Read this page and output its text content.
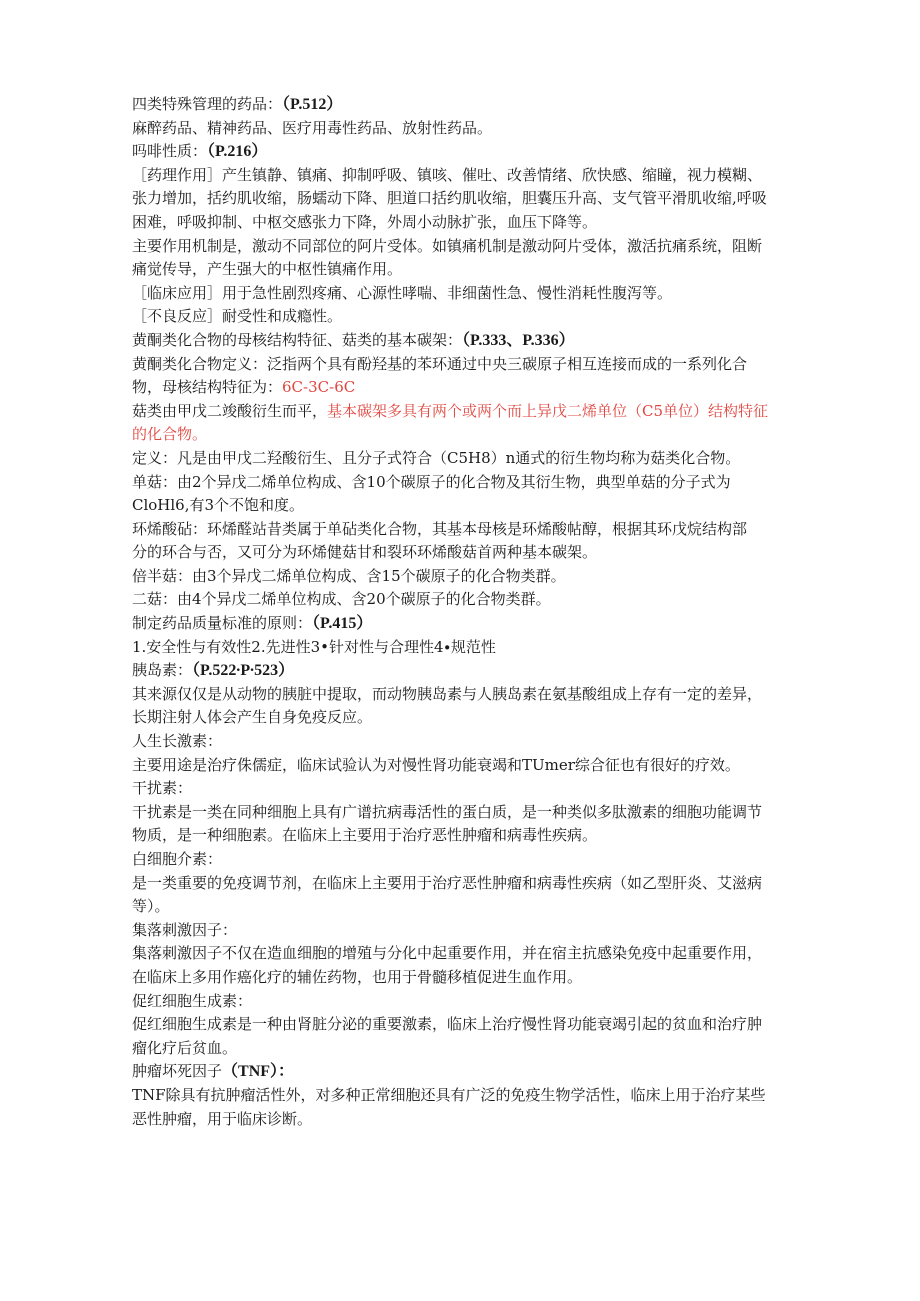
四类特殊管理的药品：（P.512）
麻醉药品、精神药品、医疗用毒性药品、放射性药品。
吗啡性质：（P.216）
［药理作用］产生镇静、镇痛、抑制呼吸、镇咳、催吐、改善情绪、欣快感、缩瞳，视力模糊、
张力增加，括约肌收缩，肠蠕动下降、胆道口括约肌收缩，胆囊压升高、支气管平滑肌收缩,呼吸
困难，呼吸抑制、中枢交感张力下降，外周小动脉扩张，血压下降等。
主要作用机制是，激动不同部位的阿片受体。如镇痛机制是激动阿片受体，激活抗痛系统，阻断
痛觉传导，产生强大的中枢性镇痛作用。
［临床应用］用于急性剧烈疼痛、心源性哮喘、非细菌性急、慢性消耗性腹泻等。
［不良反应］耐受性和成瘾性。
黄酮类化合物的母核结构特征、菇类的基本碳架：（P.333、P.336）
黄酮类化合物定义：泛指两个具有酚羟基的苯环通过中央三碳原子相互连接而成的一系列化合
物，母核结构特征为：6C-3C-6C
菇类由甲戊二竣酸衍生而平，基本碳架多具有两个或两个而上异戊二烯单位（C5单位）结构特征
的化合物。
定义：凡是由甲戊二羟酸衍生、且分子式符合（C5H8）n通式的衍生物均称为菇类化合物。
单菇：由2个异戊二烯单位构成、含10个碳原子的化合物及其衍生物，典型单菇的分子式为
CloHl6,有3个不饱和度。
环烯酸砧：环烯醛站昔类属于单砧类化合物，其基本母核是环烯酸帖醇，根据其环戊烷结构部
分的环合与否，又可分为环烯健菇甘和裂环环烯酸菇首两种基本碳架。
倍半菇：由3个异戊二烯单位构成、含15个碳原子的化合物类群。
二菇：由4个异戊二烯单位构成、含20个碳原子的化合物类群。
制定药品质量标准的原则：（P.415）
1.安全性与有效性2.先进性3•针对性与合理性4∙规范性
胰岛素：（P.522∙P∙523）
其来源仅仅是从动物的胰脏中提取，而动物胰岛素与人胰岛素在氨基酸组成上存有一定的差异，
长期注射人体会产生自身免疫反应。
人生长激素：
主要用途是治疗侏儒症，临床试验认为对慢性肾功能衰竭和TUmer综合征也有很好的疗效。
干扰素：
干扰素是一类在同种细胞上具有广谱抗病毒活性的蛋白质，是一种类似多肽激素的细胞功能调节
物质，是一种细胞素。在临床上主要用于治疗恶性肿瘤和病毒性疾病。
白细胞介素：
是一类重要的免疫调节剂，在临床上主要用于治疗恶性肿瘤和病毒性疾病（如乙型肝炎、艾滋病
等）。
集落刺激因子：
集落刺激因子不仅在造血细胞的增殖与分化中起重要作用，并在宿主抗感染免疫中起重要作用，
在临床上多用作癌化疗的辅佐药物，也用于骨髓移植促进生血作用。
促红细胞生成素：
促红细胞生成素是一种由肾脏分泌的重要激素，临床上治疗慢性肾功能衰竭引起的贫血和治疗肿
瘤化疗后贫血。
肿瘤坏死因子（TNF）：
TNF除具有抗肿瘤活性外，对多种正常细胞还具有广泛的免疫生物学活性，临床上用于治疗某些
恶性肿瘤，用于临床诊断。
